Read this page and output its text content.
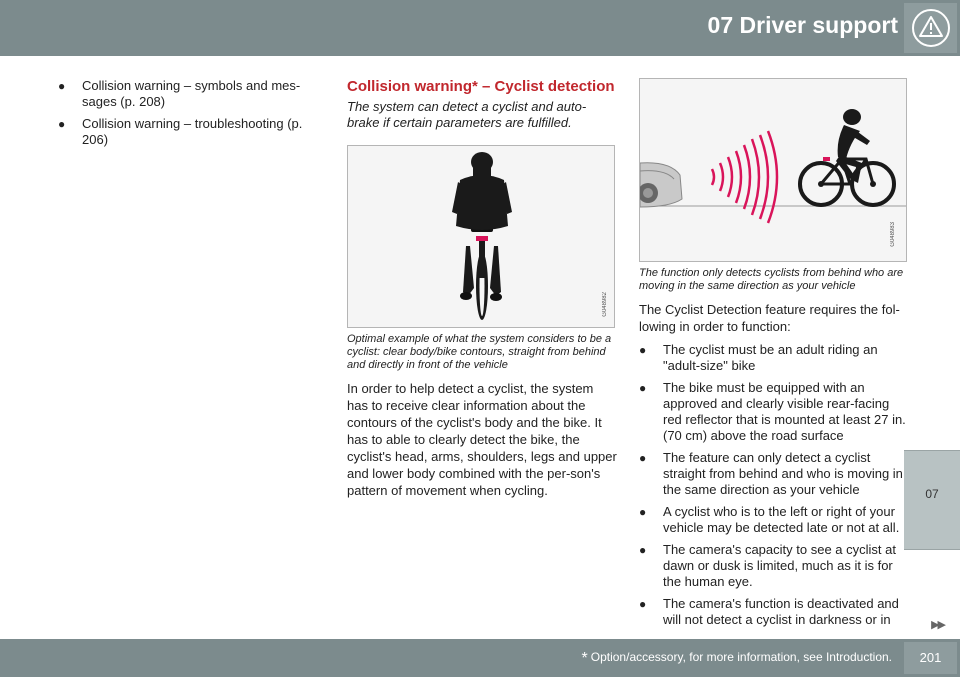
07 Driver support
07
▶▶
● Collision warning – symbols and mes-sages (p. 208)
● Collision warning – troubleshooting (p. 206)
Collision warning* – Cyclist detection
The system can detect a cyclist and auto-brake if certain parameters are fulfilled.
G048982
Optimal example of what the system considers to be a cyclist: clear body/bike contours, straight from behind and directly in front of the vehicle
In order to help detect a cyclist, the system has to receive clear information about the contours of the cyclist's body and the bike. It has to able to clearly detect the bike, the cyclist's head, arms, shoulders, legs and upper and lower body combined with the per-son's pattern of movement when cycling.
G048983
The function only detects cyclists from behind who are moving in the same direction as your vehicle
The Cyclist Detection feature requires the fol-lowing in order to function:
● The cyclist must be an adult riding an "adult-size" bike
● The bike must be equipped with an approved and clearly visible rear-facing red reflector that is mounted at least 27 in. (70 cm) above the road surface
● The feature can only detect a cyclist straight from behind and who is moving in the same direction as your vehicle
● A cyclist who is to the left or right of your vehicle may be detected late or not at all.
● The camera's capacity to see a cyclist at dawn or dusk is limited, much as it is for the human eye.
● The camera's function is deactivated and will not detect a cyclist in darkness or in
* Option/accessory, for more information, see Introduction.	201
